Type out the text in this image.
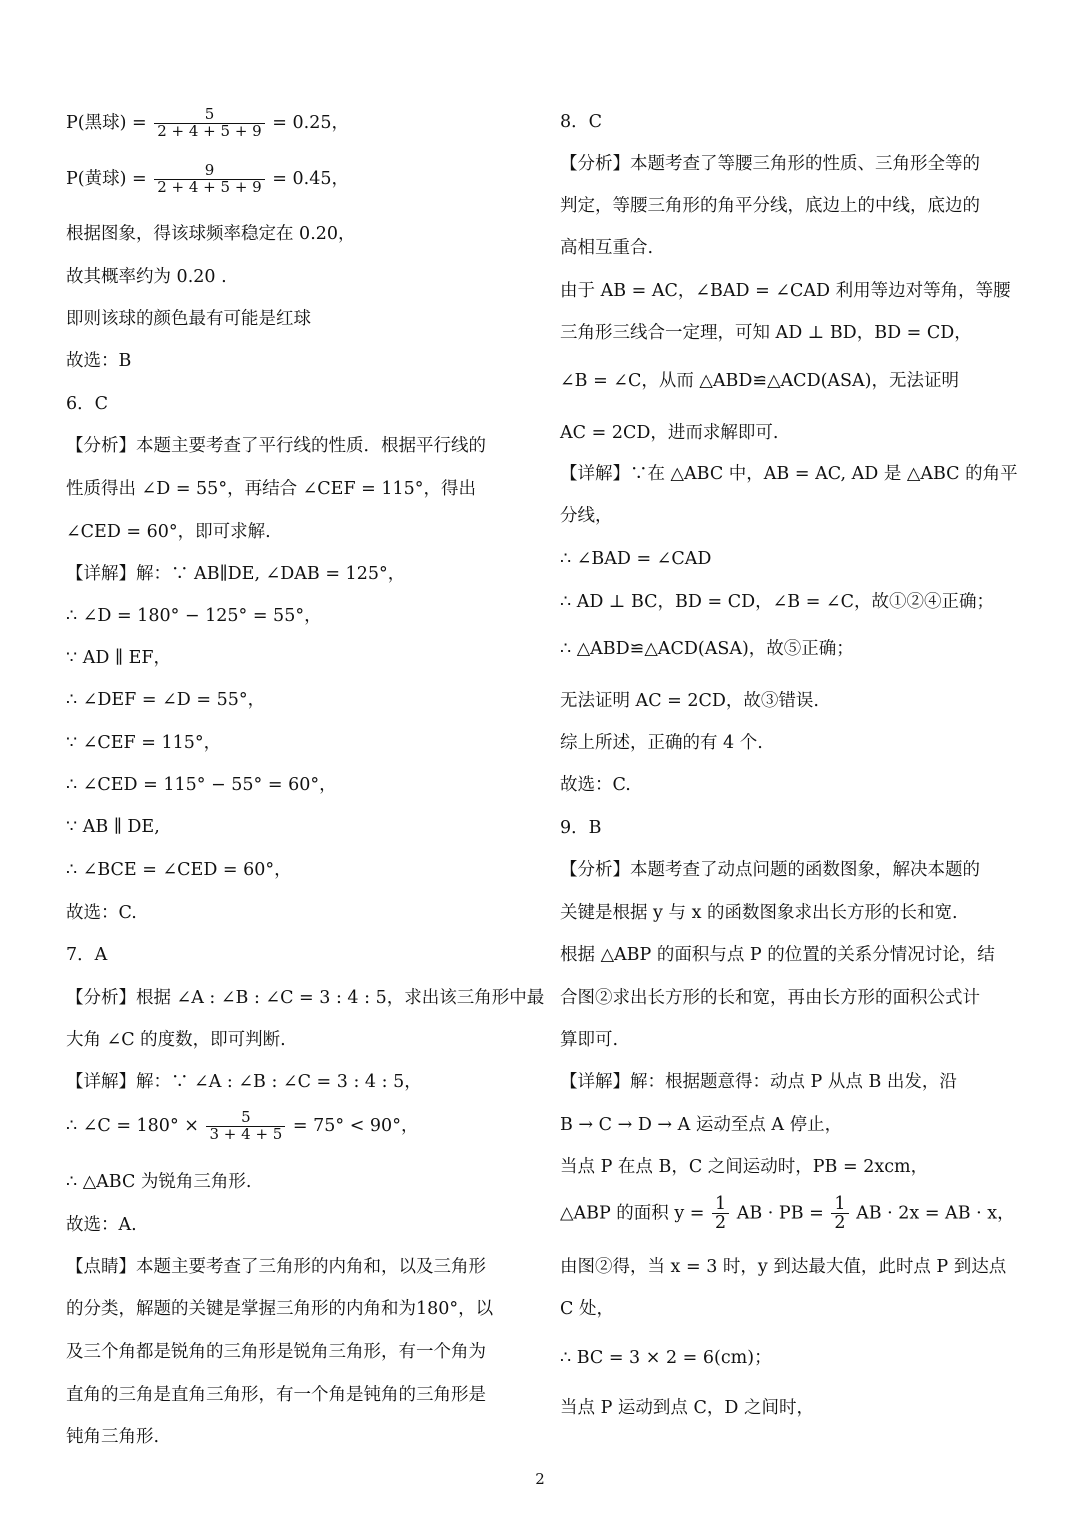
P(黑球) = $\frac{5}{2 + 4 + 5 + 9} = 0.25$，
P(黄球) = $\frac{9}{2 + 4 + 5 + 9} = 0.45$，
根据图象，得该球频率稳定在 0.20，
故其概率约为 0.20 .
即则该球的颜色最有可能是红球
故选：B
6．C
【分析】本题主要考查了平行线的性质．根据平行线的
性质得出 ∠D = 55°，再结合 ∠CEF = 115°，得出
∠CED = 60°，即可求解.
【详解】解：∵ AB∥DE, ∠DAB = 125°，
∴ ∠D = 180° − 125° = 55°，
∵ AD ∥ EF，
∴ ∠DEF = ∠D = 55°，
∵ ∠CEF = 115°，
∴ ∠CED = 115° − 55° = 60°，
∵ AB ∥ DE,
∴ ∠BCE = ∠CED = 60°，
故选：C.
7．A
【分析】根据 ∠A : ∠B : ∠C = 3 : 4 : 5，求出该三角形中最
大角 ∠C 的度数，即可判断.
【详解】解：∵ ∠A : ∠B : ∠C = 3 : 4 : 5，
∴ ∠C = $180^\circ \times \frac{5}{3 + 4 + 5} = 75^\circ < 90^\circ$，
∴ △ABC 为锐角三角形.
故选：A.
【点睛】本题主要考查了三角形的内角和，以及三角形
的分类，解题的关键是掌握三角形的内角和为180°，以
及三个角都是锐角的三角形是锐角三角形，有一个角为
直角的三角是直角三角形，有一个角是钝角的三角形是
钝角三角形.
8．C
【分析】本题考查了等腰三角形的性质、三角形全等的
判定，等腰三角形的角平分线，底边上的中线，底边的
高相互重合.
由于 AB = AC，∠BAD = ∠CAD 利用等边对等角，等腰
三角形三线合一定理，可知 AD ⊥ BD，BD = CD，
∠B = ∠C，从而 △ABD≌△ACD(ASA)，无法证明
AC = 2CD，进而求解即可.
【详解】∵在 △ABC 中，AB = AC, AD 是 △ABC 的角平
分线，
∴ ∠BAD = ∠CAD
∴ AD ⊥ BC，BD = CD，∠B = ∠C，故①②④正确；
∴ △ABD≌△ACD(ASA)，故⑤正确；
无法证明 AC = 2CD，故③错误.
综上所述，正确的有 4 个.
故选：C.
9．B
【分析】本题考查了动点问题的函数图象，解决本题的
关键是根据 y 与 x 的函数图象求出长方形的长和宽.
根据 △ABP 的面积与点 P 的位置的关系分情况讨论，结
合图②求出长方形的长和宽，再由长方形的面积公式计
算即可.
【详解】解：根据题意得：动点 P 从点 B 出发，沿
B → C → D → A 运动至点 A 停止，
当点 P 在点 B，C 之间运动时，PB = 2xcm，
△ABP 的面积 $y = \frac{1}{2}$ AB · PB = $\frac{1}{2}$ AB · 2x = AB · x，
由图②得，当 x = 3 时，y 到达最大值，此时点 P 到达点
C 处，
∴ BC = 3 × 2 = 6(cm)；
当点 P 运动到点 C，D 之间时，
2
